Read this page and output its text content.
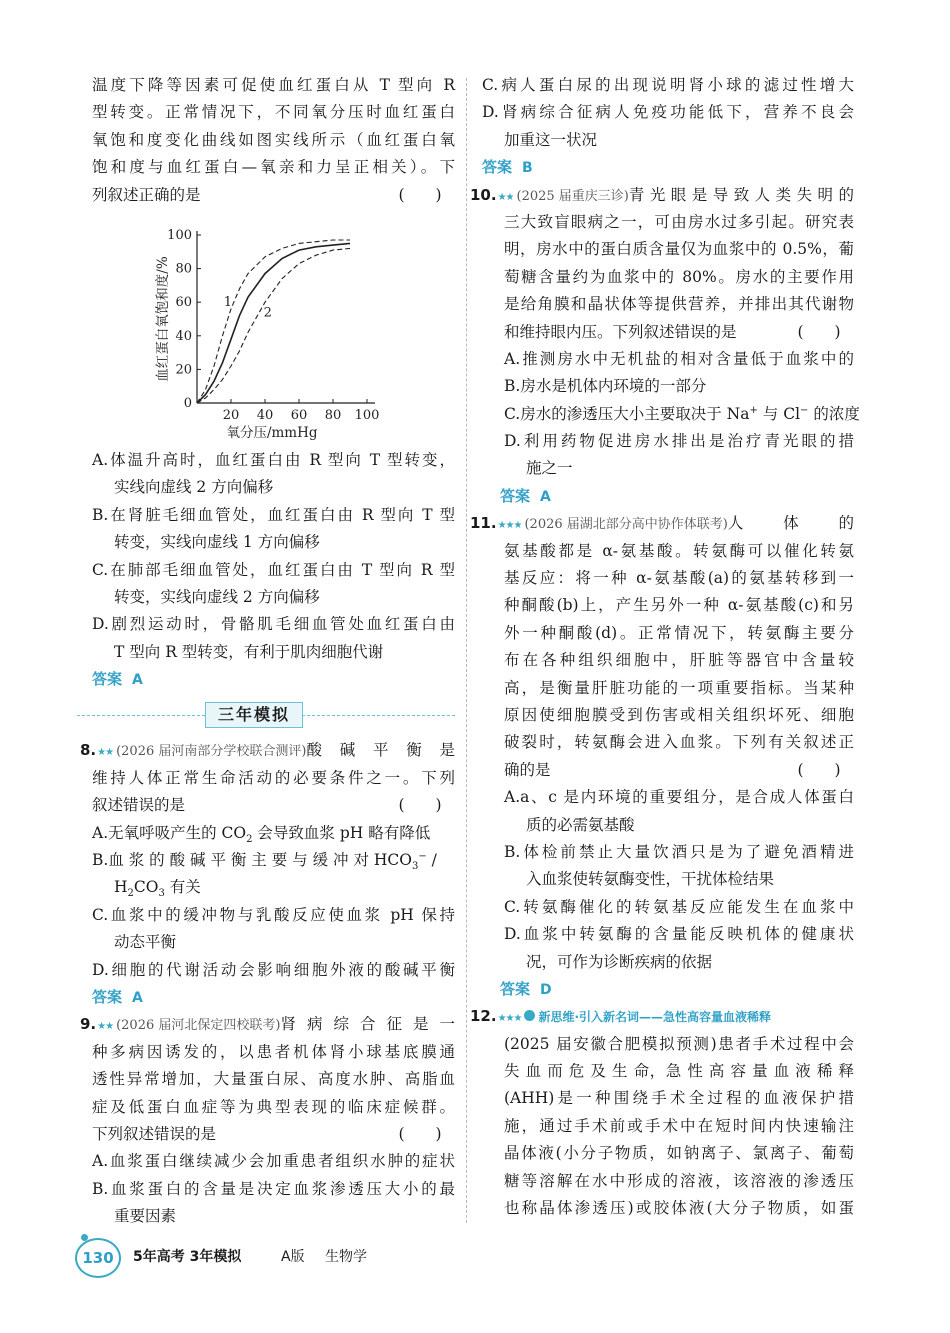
温度下降等因素可促使血红蛋白从 T 型向 R
型转变。正常情况下，不同氧分压时血红蛋白
氧饱和度变化曲线如图实线所示（血红蛋白氧
饱和度与血红蛋白—氧亲和力呈正相关）。下
列叙述正确的是	(　　)
20 40 60 80 100
20
40
60
80
100
0
氧分压/mmHg
血红蛋白氧饱和度/%	1
2
A.体温升高时，血红蛋白由 R 型向 T 型转变，
实线向虚线 2 方向偏移
B.在肾脏毛细血管处，血红蛋白由 R 型向 T 型
转变，实线向虚线 1 方向偏移
C.在肺部毛细血管处，血红蛋白由 T 型向 R 型
转变，实线向虚线 2 方向偏移
D.剧烈运动时，骨骼肌毛细血管处血红蛋白由
T 型向 R 型转变，有利于肌肉细胞代谢
答案 A
三年模拟
8. ★★ (2026 届河南部分学校联合测评) 酸碱平衡是
维持人体正常生命活动的必要条件之一。下列
叙述错误的是	(　　)
A.无氧呼吸产生的 $CO_2$ 会导致血浆 pH 略有降低
B.血 浆 的 酸 碱 平 衡 主 要 与 缓 冲 对 $HCO_3^-$ /
$H_2CO_3$ 有关
C.血浆中的缓冲物与乳酸反应使血浆 pH 保持
动态平衡
D.细胞的代谢活动会影响细胞外液的酸碱平衡
答案 A
9. ★★ (2026 届河北保定四校联考) 肾病综合征是一
种多病因诱发的，以患者机体肾小球基底膜通
透性异常增加，大量蛋白尿、高度水肿、高脂血
症及低蛋白血症等为典型表现的临床症候群。
下列叙述错误的是	(　　)
A.血浆蛋白继续减少会加重患者组织水肿的症状
B.血浆蛋白的含量是决定血浆渗透压大小的最
重要因素
C.病人蛋白尿的出现说明肾小球的滤过性增大
D.肾病综合征病人免疫功能低下，营养不良会
加重这一状况
答案 B
10. ★★ (2025 届重庆三诊) 青光眼是导致人类失明的
三大致盲眼病之一，可由房水过多引起。研究表
明，房水中的蛋白质含量仅为血浆中的 0.5%，葡
萄糖含量约为血浆中的 80%。房水的主要作用
是给角膜和晶状体等提供营养，并排出其代谢物
和维持眼内压。下列叙述错误的是	(　　)
A.推测房水中无机盐的相对含量低于血浆中的
B.房水是机体内环境的一部分
C.房水的渗透压大小主要取决于 Na+ 与 Cl− 的浓度
D.利用药物促进房水排出是治疗青光眼的措
施之一
答案 A
11. ★★★ (2026 届湖北部分高中协作体联考) 人体的
氨基酸都是 α-氨基酸。转氨酶可以催化转氨
基反应：将一种 α-氨基酸(a)的氨基转移到一
种酮酸(b)上，产生另外一种 α-氨基酸(c)和另
外一种酮酸(d)。正常情况下，转氨酶主要分
布在各种组织细胞中，肝脏等器官中含量较
高，是衡量肝脏功能的一项重要指标。当某种
原因使细胞膜受到伤害或相关组织坏死、细胞
破裂时，转氨酶会进入血浆。下列有关叙述正
确的是	(　　)
A.a、c 是内环境的重要组分，是合成人体蛋白
质的必需氨基酸
B.体检前禁止大量饮酒只是为了避免酒精进
入血浆使转氨酶变性，干扰体检结果
C.转氨酶催化的转氨基反应能发生在血浆中
D.血浆中转氨酶的含量能反映机体的健康状
况，可作为诊断疾病的依据
答案 D
12. ★★★ 新思维·引入新名词——急性高容量血液稀释
(2025 届安徽合肥模拟预测)患者手术过程中会
失 血 而 危 及 生 命，急 性 高 容 量 血 液 稀 释
(AHH)是一种围绕手术全过程的血液保护措
施，通过手术前或手术中在短时间内快速输注
晶体液(小分子物质，如钠离子、氯离子、葡萄
糖等溶解在水中形成的溶液，该溶液的渗透压
也称晶体渗透压)或胶体液(大分子物质，如蛋
130	5年高考 3年模拟	A版 生物学
